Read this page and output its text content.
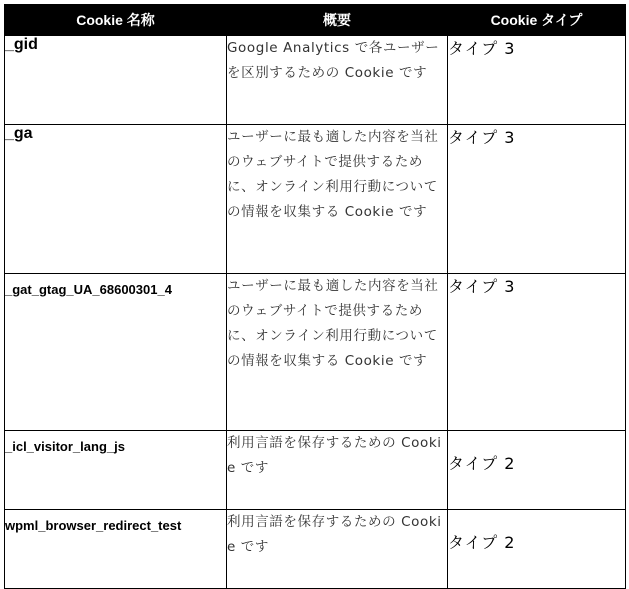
Cookie 名称	概要	Cookie タイプ
_gid	Google Analytics で各ユーザーを区別するための Cookie です	タイプ 3
_ga	ユーザーに最も適した内容を当社のウェブサイトで提供するために、オンライン利用行動についての情報を収集する Cookie です	タイプ 3
_gat_gtag_UA_68600301_4	ユーザーに最も適した内容を当社のウェブサイトで提供するために、オンライン利用行動についての情報を収集する Cookie です	タイプ 3
_icl_visitor_lang_js	利用言語を保存するための Cookie です	タイプ 2
wpml_browser_redirect_test	利用言語を保存するための Cookie です	タイプ 2
